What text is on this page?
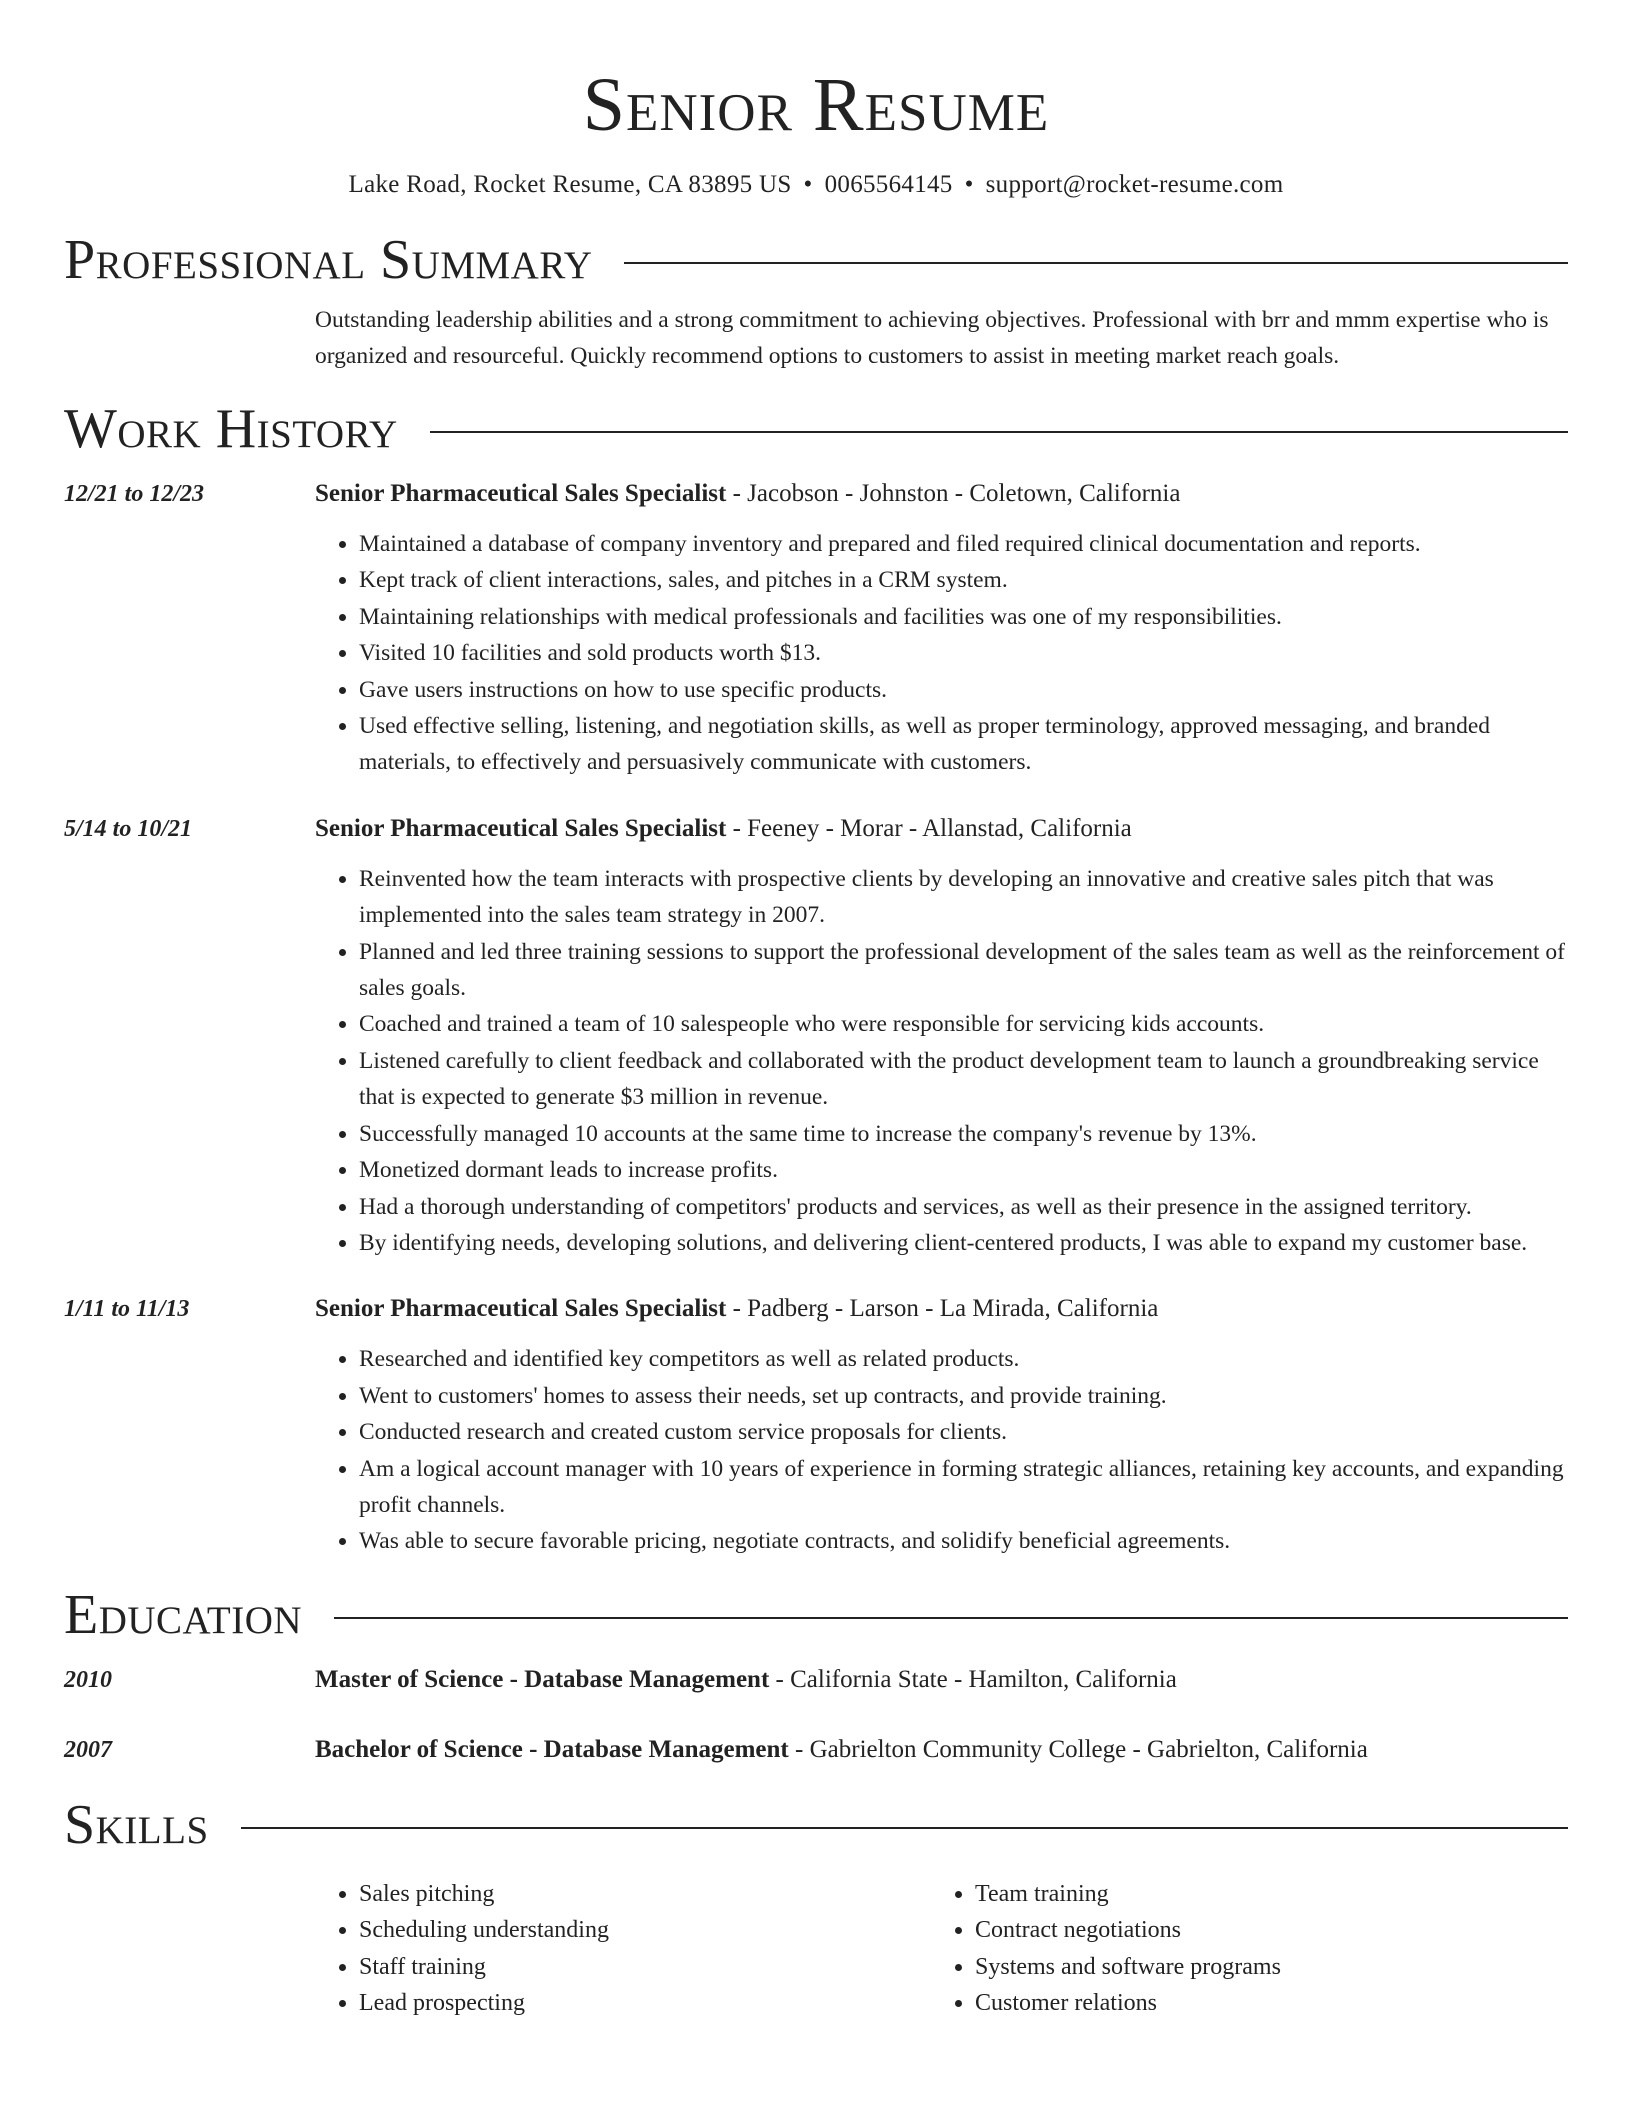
Senior Resume
Lake Road, Rocket Resume, CA 83895 US • 0065564145 • support@rocket-resume.com
Professional Summary
Outstanding leadership abilities and a strong commitment to achieving objectives. Professional with brr and mmm expertise who is organized and resourceful. Quickly recommend options to customers to assist in meeting market reach goals.
Work History
12/21 to 12/23	Senior Pharmaceutical Sales Specialist - Jacobson - Johnston - Coletown, California
• Maintained a database of company inventory and prepared and filed required clinical documentation and reports.
• Kept track of client interactions, sales, and pitches in a CRM system.
• Maintaining relationships with medical professionals and facilities was one of my responsibilities.
• Visited 10 facilities and sold products worth $13.
• Gave users instructions on how to use specific products.
• Used effective selling, listening, and negotiation skills, as well as proper terminology, approved messaging, and branded materials, to effectively and persuasively communicate with customers.
5/14 to 10/21	Senior Pharmaceutical Sales Specialist - Feeney - Morar - Allanstad, California
• Reinvented how the team interacts with prospective clients by developing an innovative and creative sales pitch that was implemented into the sales team strategy in 2007.
• Planned and led three training sessions to support the professional development of the sales team as well as the reinforcement of sales goals.
• Coached and trained a team of 10 salespeople who were responsible for servicing kids accounts.
• Listened carefully to client feedback and collaborated with the product development team to launch a groundbreaking service that is expected to generate $3 million in revenue.
• Successfully managed 10 accounts at the same time to increase the company's revenue by 13%.
• Monetized dormant leads to increase profits.
• Had a thorough understanding of competitors' products and services, as well as their presence in the assigned territory.
• By identifying needs, developing solutions, and delivering client-centered products, I was able to expand my customer base.
1/11 to 11/13	Senior Pharmaceutical Sales Specialist - Padberg - Larson - La Mirada, California
• Researched and identified key competitors as well as related products.
• Went to customers' homes to assess their needs, set up contracts, and provide training.
• Conducted research and created custom service proposals for clients.
• Am a logical account manager with 10 years of experience in forming strategic alliances, retaining key accounts, and expanding profit channels.
• Was able to secure favorable pricing, negotiate contracts, and solidify beneficial agreements.
Education
2010	Master of Science - Database Management - California State - Hamilton, California
2007	Bachelor of Science - Database Management - Gabrielton Community College - Gabrielton, California
Skills
• Sales pitching
• Scheduling understanding
• Staff training
• Lead prospecting
• Team training
• Contract negotiations
• Systems and software programs
• Customer relations
